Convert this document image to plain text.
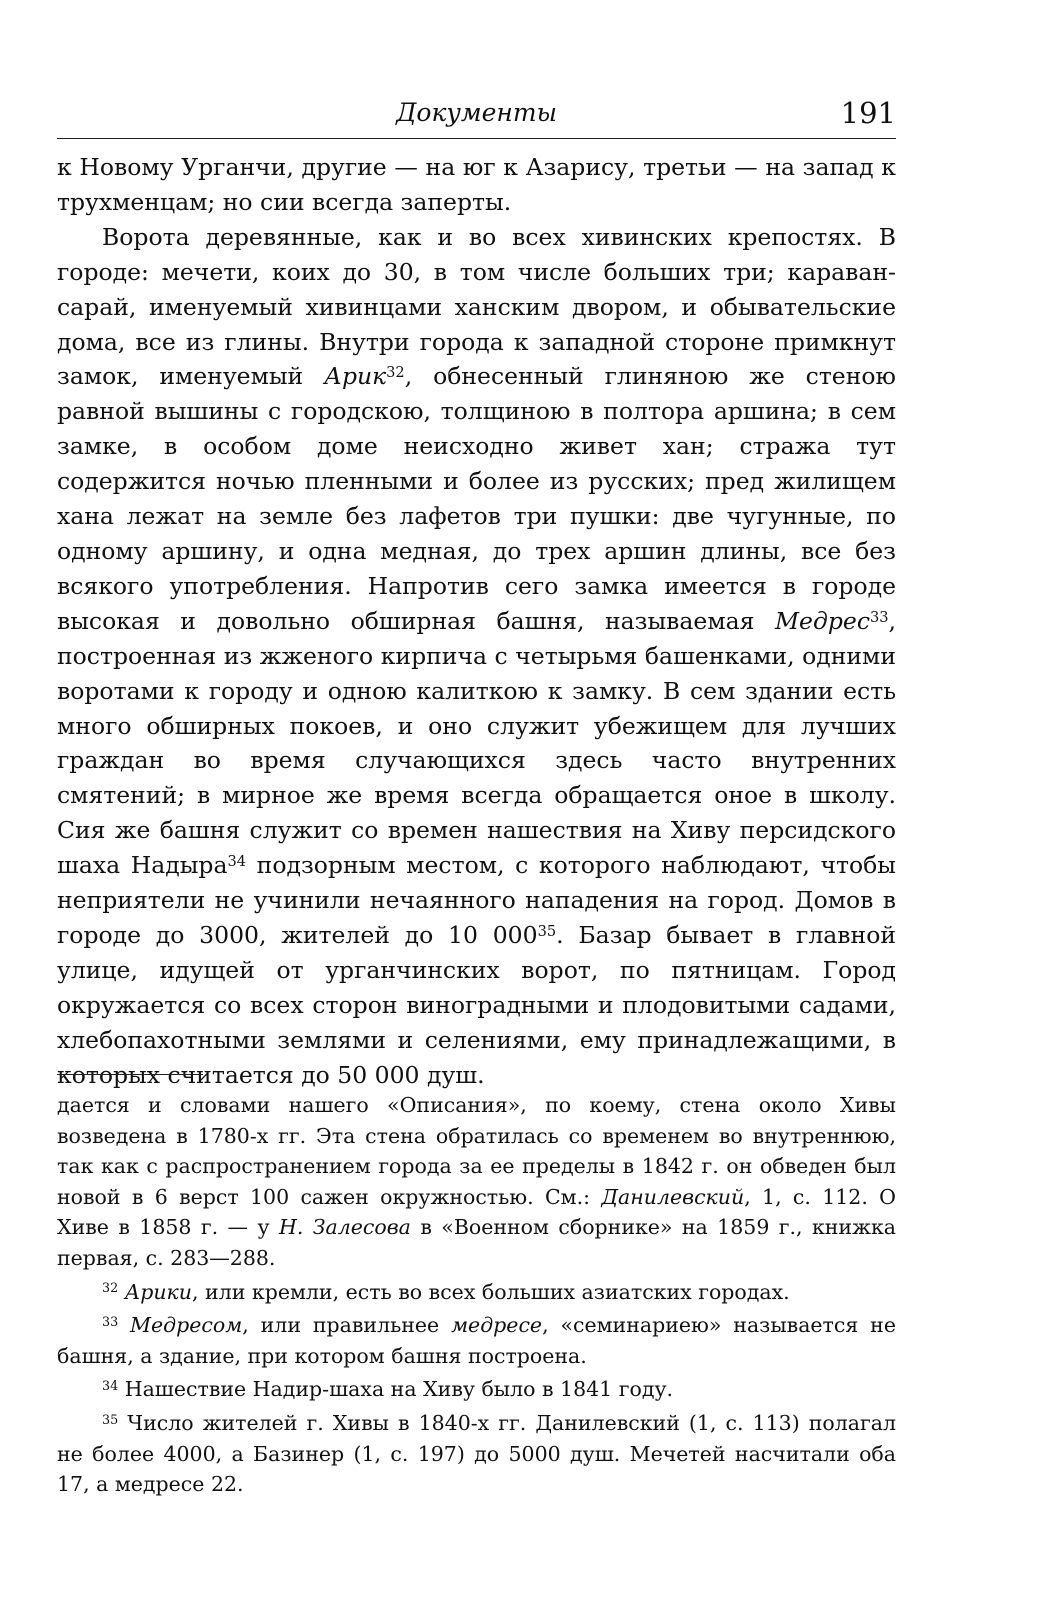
Документы	191

к Новому Урганчи, другие — на юг к Азарису, третьи — на запад к трухменцам; но сии всегда заперты.

Ворота деревянные, как и во всех хивинских крепостях. В городе: мечети, коих до 30, в том числе больших три; караван-сарай, именуемый хивинцами ханским двором, и обывательские дома, все из глины. Внутри города к западной стороне примкнут замок, именуемый Арик$^{32}$, обнесенный глиняною же стеною равной вышины с городскою, толщиною в полтора аршина; в сем замке, в особом доме неисходно живет хан; стража тут содержится ночью пленными и более из русских; пред жилищем хана лежат на земле без лафетов три пушки: две чугунные, по одному аршину, и одна медная, до трех аршин длины, все без всякого употребления. Напротив сего замка имеется в городе высокая и довольно обширная башня, называемая Медрес$^{33}$, построенная из жженого кирпича с четырьмя башенками, одними воротами к городу и одною калиткою к замку. В сем здании есть много обширных покоев, и оно служит убежищем для лучших граждан во время случающихся здесь часто внутренних смятений; в мирное же время всегда обращается оное в школу. Сия же башня служит со времен нашествия на Хиву персидского шаха Надыра$^{34}$ подзорным местом, с которого наблюдают, чтобы неприятели не учинили нечаянного нападения на город. Домов в городе до 3000, жителей до 10 $000^{35}$. Базар бывает в главной улице, идущей от урганчинских ворот, по пятницам. Город окружается со всех сторон виноградными и плодовитыми садами, хлебопахотными землями и селениями, ему принадлежащими, в которых считается до 50 000 душ.

дается и словами нашего «Описания», по коему, стена около Хивы возведена в 1780-х гг. Эта стена обратилась со временем во внутреннюю, так как с распространением города за ее пределы в 1842 г. он обведен был новой в 6 верст 100 сажен окружностью. См.: Данилевский, 1, с. 112. О Хиве в 1858 г. — у Н. Залесова в «Военном сборнике» на 1859 г., книжка первая, с. 283—288.

$^{32}$ Арики, или кремли, есть во всех больших азиатских городах.

$^{33}$ Медресом, или правильнее медресе, «семинариею» называется не башня, а здание, при котором башня построена.

$^{34}$ Нашествие Надир-шаха на Хиву было в 1841 году.

$^{35}$ Число жителей г. Хивы в 1840-х гг. Данилевский (1, с. 113) полагал не более 4000, а Базинер (1, с. 197) до 5000 душ. Мечетей насчитали оба 17, а медресе 22.
